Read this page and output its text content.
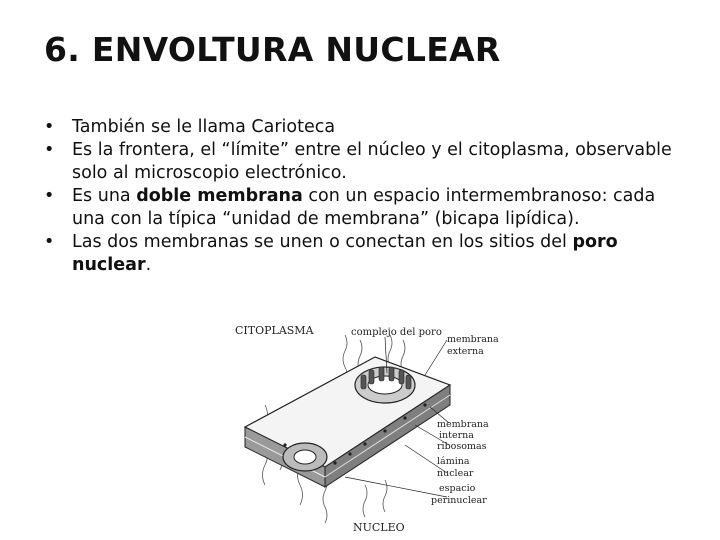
6. ENVOLTURA NUCLEAR
• También se le llama Carioteca
• Es la frontera, el “límite” entre el núcleo y el citoplasma, observable solo al microscopio electrónico.
• Es una doble membrana con un espacio intermembranoso: cada una con la típica “unidad de membrana” (bicapa lipídica).
• Las dos membranas se unen o conectan en los sitios del poro nuclear.
CITOPLASMA	complejo del poro
membrana
externa
membrana
interna
ribosomas
lámina
nuclear
espacio
perinuclear
NUCLEO
